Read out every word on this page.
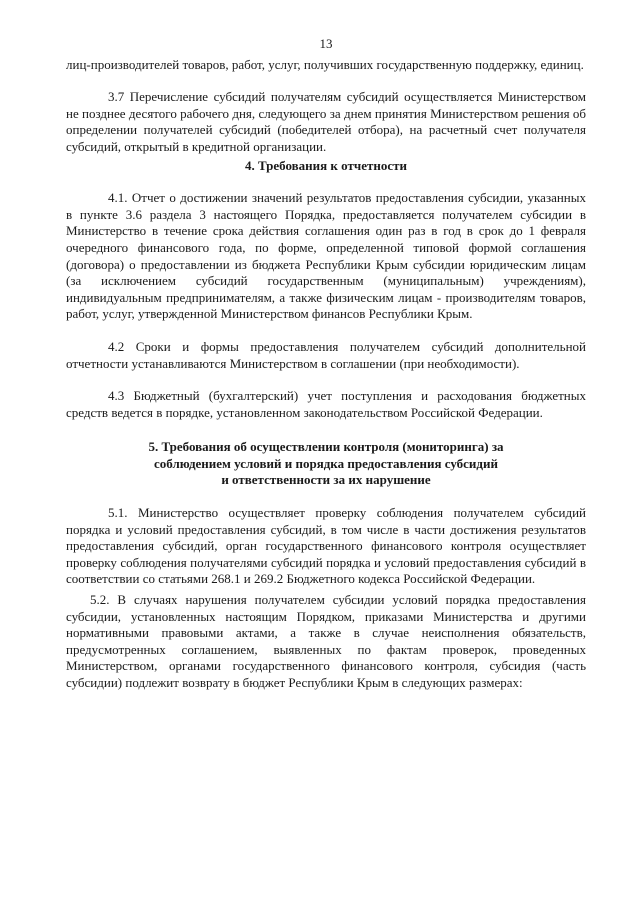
13

лиц-производителей товаров, работ, услуг, получивших государственную поддержку, единиц.

3.7 Перечисление субсидий получателям субсидий осуществляется Министерством не позднее десятого рабочего дня, следующего за днем принятия Министерством решения об определении получателей субсидий (победителей отбора), на расчетный счет получателя субсидий, открытый в кредитной организации.

4. Требования к отчетности

4.1. Отчет о достижении значений результатов предоставления субсидии, указанных в пункте 3.6 раздела 3 настоящего Порядка, предоставляется получателем субсидии в Министерство в течение срока действия соглашения один раз в год в срок до 1 февраля очередного финансового года, по форме, определенной типовой формой соглашения (договора) о предоставлении из бюджета Республики Крым субсидии юридическим лицам (за исключением субсидий государственным (муниципальным) учреждениям), индивидуальным предпринимателям, а также физическим лицам - производителям товаров, работ, услуг, утвержденной Министерством финансов Республики Крым.

4.2 Сроки и формы предоставления получателем субсидий дополнительной отчетности устанавливаются Министерством в соглашении (при необходимости).

4.3 Бюджетный (бухгалтерский) учет поступления и расходования бюджетных средств ведется в порядке, установленном законодательством Российской Федерации.

5. Требования об осуществлении контроля (мониторинга) за
соблюдением условий и порядка предоставления субсидий
и ответственности за их нарушение

5.1. Министерство осуществляет проверку соблюдения получателем субсидий порядка и условий предоставления субсидий, в том числе в части достижения результатов предоставления субсидий, орган государственного финансового контроля осуществляет проверку соблюдения получателями субсидий порядка и условий предоставления субсидий в соответствии со статьями 268.1 и 269.2 Бюджетного кодекса Российской Федерации.

5.2. В случаях нарушения получателем субсидии условий порядка предоставления субсидии, установленных настоящим Порядком, приказами Министерства и другими нормативными правовыми актами, а также в случае неисполнения обязательств, предусмотренных соглашением, выявленных по фактам проверок, проведенных Министерством, органами государственного финансового контроля, субсидия (часть субсидии) подлежит возврату в бюджет Республики Крым в следующих размерах:
